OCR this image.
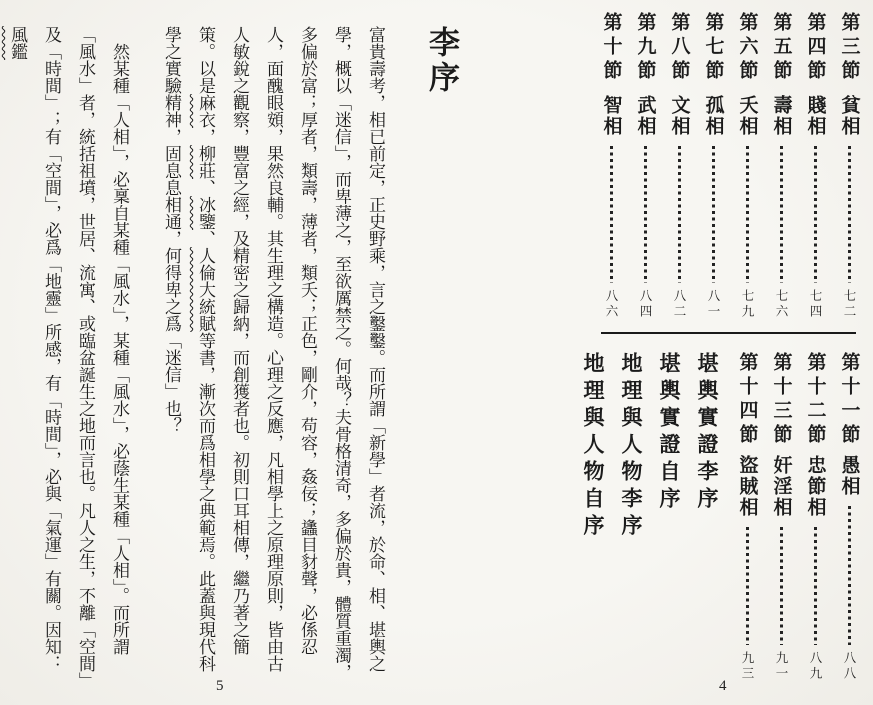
李序

富貴壽考，相已前定，正史野乘，言之鑿鑿。而所謂「新學」者流，於命、相、堪輿之學，概以「迷信」，而卑薄之，至欲厲禁之。何哉？夫骨格清奇，多偏於貴，體質重濁，多偏於富；厚者，類壽，薄者，類夭；正色，剛介，苟容，姦佞；蠭目豺聲，必係忍人，面醜眼頞，果然良輔。其生理之構造。心理之反應，凡相學上之原理原則，皆由古人敏銳之觀察，豐富之經，及精密之歸納，而創獲者也。初則口耳相傳，繼乃著之簡策。以是麻衣，柳莊、冰鑒、人倫大統賦等書，漸次而爲相學之典範焉。此蓋與現代科學之實驗精神，固息息相通，何得卑之爲「迷信」也？

然某種「人相」，必稟自某種「風水」，某種「風水」，必蔭生某種「人相」。而所謂「風水」者，統括祖墳，世居、流寓、或臨盆誕生之地而言也。凡人之生，不離「空間」及「時間」；有「空間」，必爲「地靈」所感，有「時間」，必與「氣運」有關。因知：風鑑	第三節
貧相
七二
第四節
賤相
七四
第五節
壽相
七六
第六節
夭相
七九
第七節
孤相
八一
第八節
文相
八二
第九節
武相
八四
第十節
智相
八六
第十一節
愚相
八八
第十二節
忠節相
八九
第十三節
奸淫相
九一
第十四節
盜賊相
九三
堪輿實證李序
堪輿實證自序
地理與人物李序
地理與人物自序
5	4
